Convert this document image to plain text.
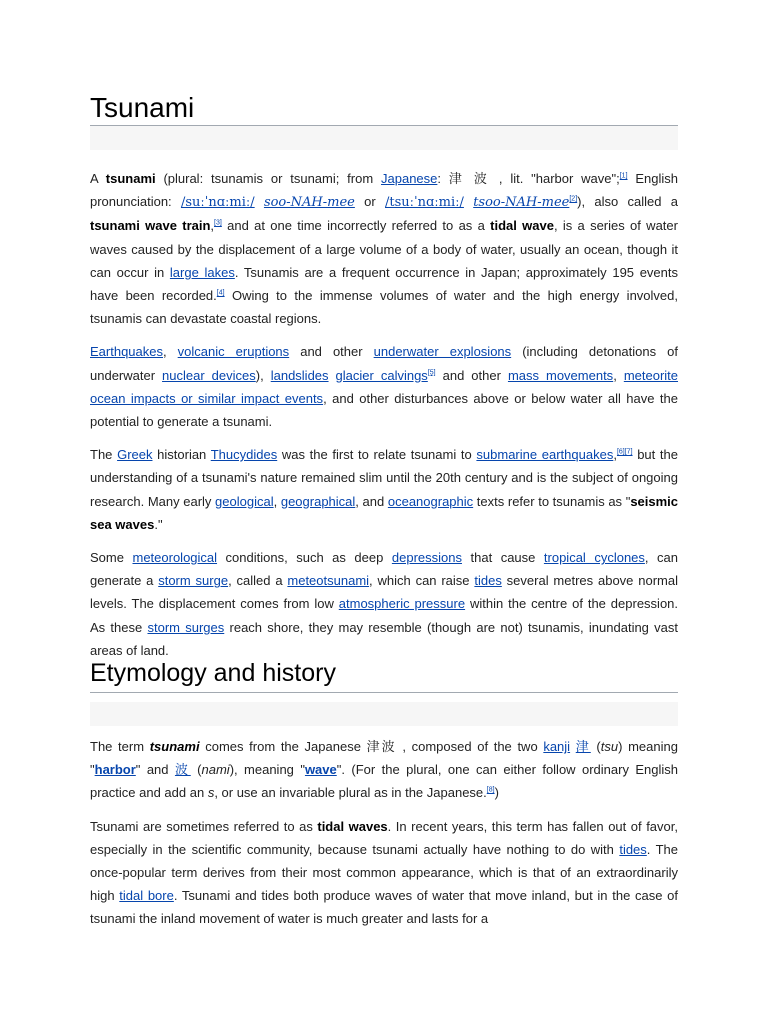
Tsunami

A tsunami (plural: tsunamis or tsunami; from Japanese: 津 波 , lit. "harbor wave";[1] English pronunciation: /suːˈnɑːmiː/ soo-NAH-mee or /tsuːˈnɑːmiː/ tsoo-NAH-mee[2]), also called a tsunami wave train,[3] and at one time incorrectly referred to as a tidal wave, is a series of water waves caused by the displacement of a large volume of a body of water, usually an ocean, though it can occur in large lakes. Tsunamis are a frequent occurrence in Japan; approximately 195 events have been recorded.[4] Owing to the immense volumes of water and the high energy involved, tsunamis can devastate coastal regions.

Earthquakes, volcanic eruptions and other underwater explosions (including detonations of underwater nuclear devices), landslides glacier calvings[5] and other mass movements, meteorite ocean impacts or similar impact events, and other disturbances above or below water all have the potential to generate a tsunami.

The Greek historian Thucydides was the first to relate tsunami to submarine earthquakes,[6][7] but the understanding of a tsunami's nature remained slim until the 20th century and is the subject of ongoing research. Many early geological, geographical, and oceanographic texts refer to tsunamis as "seismic sea waves."

Some meteorological conditions, such as deep depressions that cause tropical cyclones, can generate a storm surge, called a meteotsunami, which can raise tides several metres above normal levels. The displacement comes from low atmospheric pressure within the centre of the depression. As these storm surges reach shore, they may resemble (though are not) tsunamis, inundating vast areas of land.

Etymology and history

The term tsunami comes from the Japanese 津波 , composed of the two kanji 津 (tsu) meaning "harbor" and 波 (nami), meaning "wave". (For the plural, one can either follow ordinary English practice and add an s, or use an invariable plural as in the Japanese.[8])

Tsunami are sometimes referred to as tidal waves. In recent years, this term has fallen out of favor, especially in the scientific community, because tsunami actually have nothing to do with tides. The once-popular term derives from their most common appearance, which is that of an extraordinarily high tidal bore. Tsunami and tides both produce waves of water that move inland, but in the case of tsunami the inland movement of water is much greater and lasts for a
